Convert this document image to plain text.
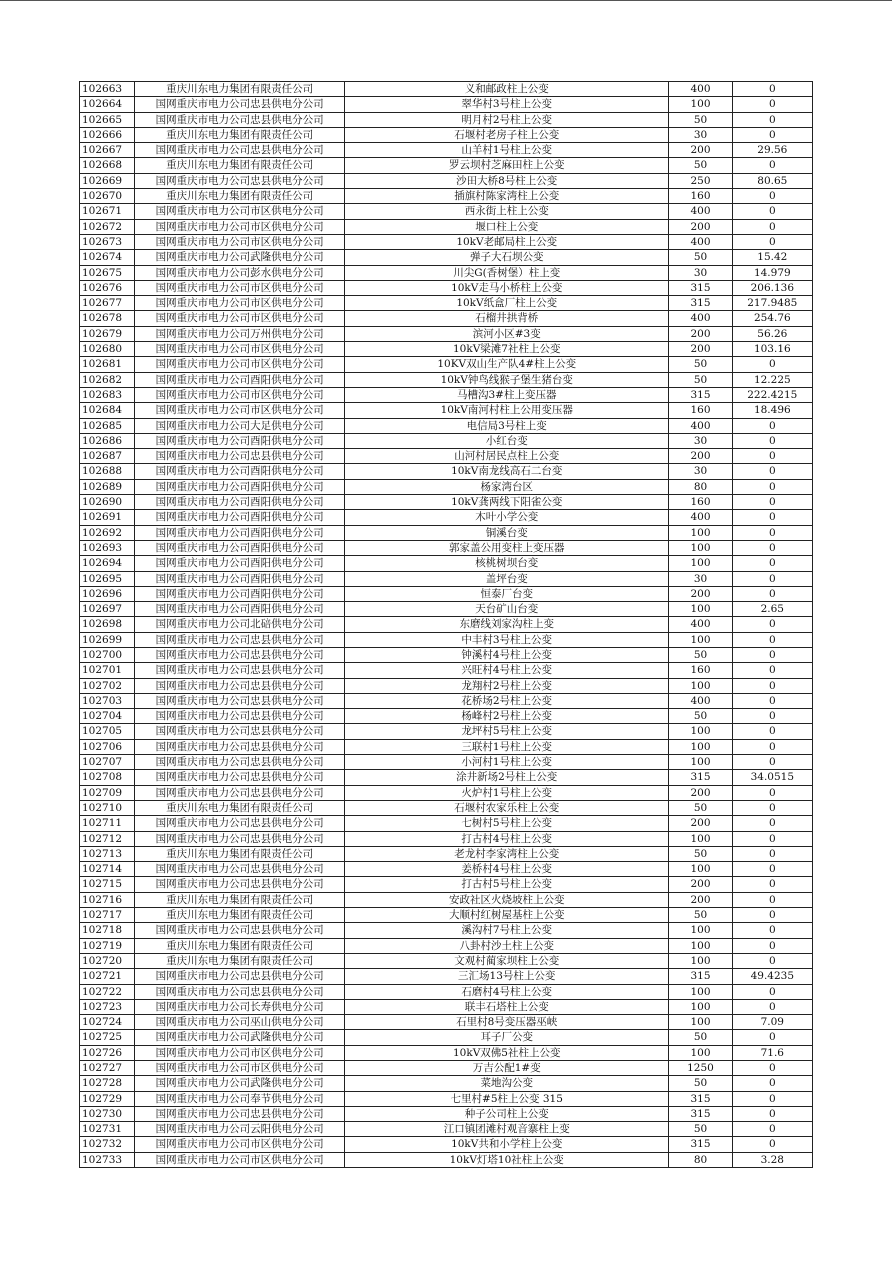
102663	重庆川东电力集团有限责任公司	义和邮政柱上公变	400	0
102664	国网重庆市电力公司忠县供电分公司	翠华村3号柱上公变	100	0
102665	国网重庆市电力公司忠县供电分公司	明月村2号柱上公变	50	0
102666	重庆川东电力集团有限责任公司	石堰村老房子柱上公变	30	0
102667	国网重庆市电力公司忠县供电分公司	山羊村1号柱上公变	200	29.56
102668	重庆川东电力集团有限责任公司	罗云坝村芝麻田柱上公变	50	0
102669	国网重庆市电力公司忠县供电分公司	沙田大桥8号柱上公变	250	80.65
102670	重庆川东电力集团有限责任公司	插旗村陈家湾柱上公变	160	0
102671	国网重庆市电力公司市区供电分公司	西永街上柱上公变	400	0
102672	国网重庆市电力公司市区供电分公司	堰口柱上公变	200	0
102673	国网重庆市电力公司市区供电分公司	10kV老邮局柱上公变	400	0
102674	国网重庆市电力公司武隆供电分公司	弹子大石坝公变	50	15.42
102675	国网重庆市电力公司彭水供电分公司	川尖G(香树堡）柱上变	30	14.979
102676	国网重庆市电力公司市区供电分公司	10kV走马小桥柱上公变	315	206.136
102677	国网重庆市电力公司市区供电分公司	10kV纸盒厂柱上公变	315	217.9485
102678	国网重庆市电力公司市区供电分公司	石榴井拱背桥	400	254.76
102679	国网重庆市电力公司万州供电分公司	滨河小区#3变	200	56.26
102680	国网重庆市电力公司市区供电分公司	10kV梁滩7社柱上公变	200	103.16
102681	国网重庆市电力公司市区供电分公司	10KV双山生产队4#柱上公变	50	0
102682	国网重庆市电力公司酉阳供电分公司	10kV钟鸟线猴子堡生猪台变	50	12.225
102683	国网重庆市电力公司市区供电分公司	马槽沟3#柱上变压器	315	222.4215
102684	国网重庆市电力公司市区供电分公司	10kV南河村柱上公用变压器	160	18.496
102685	国网重庆市电力公司大足供电分公司	电信局3号柱上变	400	0
102686	国网重庆市电力公司酉阳供电分公司	小红台变	30	0
102687	国网重庆市电力公司忠县供电分公司	山河村居民点柱上公变	200	0
102688	国网重庆市电力公司酉阳供电分公司	10kV南龙线高石二台变	30	0
102689	国网重庆市电力公司酉阳供电分公司	杨家湾台区	80	0
102690	国网重庆市电力公司酉阳供电分公司	10kV龚两线下阳雀公变	160	0
102691	国网重庆市电力公司酉阳供电分公司	木叶小学公变	400	0
102692	国网重庆市电力公司酉阳供电分公司	铜溪台变	100	0
102693	国网重庆市电力公司酉阳供电分公司	郭家盖公用变柱上变压器	100	0
102694	国网重庆市电力公司酉阳供电分公司	核桃树坝台变	100	0
102695	国网重庆市电力公司酉阳供电分公司	盖坪台变	30	0
102696	国网重庆市电力公司酉阳供电分公司	恒泰厂台变	200	0
102697	国网重庆市电力公司酉阳供电分公司	天台矿山台变	100	2.65
102698	国网重庆市电力公司北碚供电分公司	东磨线刘家沟柱上变	400	0
102699	国网重庆市电力公司忠县供电分公司	中丰村3号柱上公变	100	0
102700	国网重庆市电力公司忠县供电分公司	钟溪村4号柱上公变	50	0
102701	国网重庆市电力公司忠县供电分公司	兴旺村4号柱上公变	160	0
102702	国网重庆市电力公司忠县供电分公司	龙翔村2号柱上公变	100	0
102703	国网重庆市电力公司忠县供电分公司	花桥场2号柱上公变	400	0
102704	国网重庆市电力公司忠县供电分公司	杨峰村2号柱上公变	50	0
102705	国网重庆市电力公司忠县供电分公司	龙坪村5号柱上公变	100	0
102706	国网重庆市电力公司忠县供电分公司	三联村1号柱上公变	100	0
102707	国网重庆市电力公司忠县供电分公司	小河村1号柱上公变	100	0
102708	国网重庆市电力公司忠县供电分公司	涂井新场2号柱上公变	315	34.0515
102709	国网重庆市电力公司忠县供电分公司	火炉村1号柱上公变	200	0
102710	重庆川东电力集团有限责任公司	石堰村农家乐柱上公变	50	0
102711	国网重庆市电力公司忠县供电分公司	七树村5号柱上公变	200	0
102712	国网重庆市电力公司忠县供电分公司	打古村4号柱上公变	100	0
102713	重庆川东电力集团有限责任公司	老龙村李家湾柱上公变	50	0
102714	国网重庆市电力公司忠县供电分公司	姜桥村4号柱上公变	100	0
102715	国网重庆市电力公司忠县供电分公司	打古村5号柱上公变	200	0
102716	重庆川东电力集团有限责任公司	安政社区火烧坡柱上公变	200	0
102717	重庆川东电力集团有限责任公司	大顺村红树屋基柱上公变	50	0
102718	国网重庆市电力公司忠县供电分公司	溪沟村7号柱上公变	100	0
102719	重庆川东电力集团有限责任公司	八卦村沙土柱上公变	100	0
102720	重庆川东电力集团有限责任公司	文观村蔺家坝柱上公变	100	0
102721	国网重庆市电力公司忠县供电分公司	三汇场13号柱上公变	315	49.4235
102722	国网重庆市电力公司忠县供电分公司	石磨村4号柱上公变	100	0
102723	国网重庆市电力公司长寿供电分公司	联丰石塔柱上公变	100	0
102724	国网重庆市电力公司巫山供电分公司	石里村8号变压器巫峡	100	7.09
102725	国网重庆市电力公司武隆供电分公司	耳子厂公变	50	0
102726	国网重庆市电力公司市区供电分公司	10kV双佛5社柱上公变	100	71.6
102727	国网重庆市电力公司市区供电分公司	万吉公配1#变	1250	0
102728	国网重庆市电力公司武隆供电分公司	菜地沟公变	50	0
102729	国网重庆市电力公司奉节供电分公司	七里村#5柱上公变 315	315	0
102730	国网重庆市电力公司忠县供电分公司	种子公司柱上公变	315	0
102731	国网重庆市电力公司云阳供电分公司	江口镇团滩村观音寨柱上变	50	0
102732	国网重庆市电力公司市区供电分公司	10kV共和小学柱上公变	315	0
102733	国网重庆市电力公司市区供电分公司	10kV灯塔10社柱上公变	80	3.28
